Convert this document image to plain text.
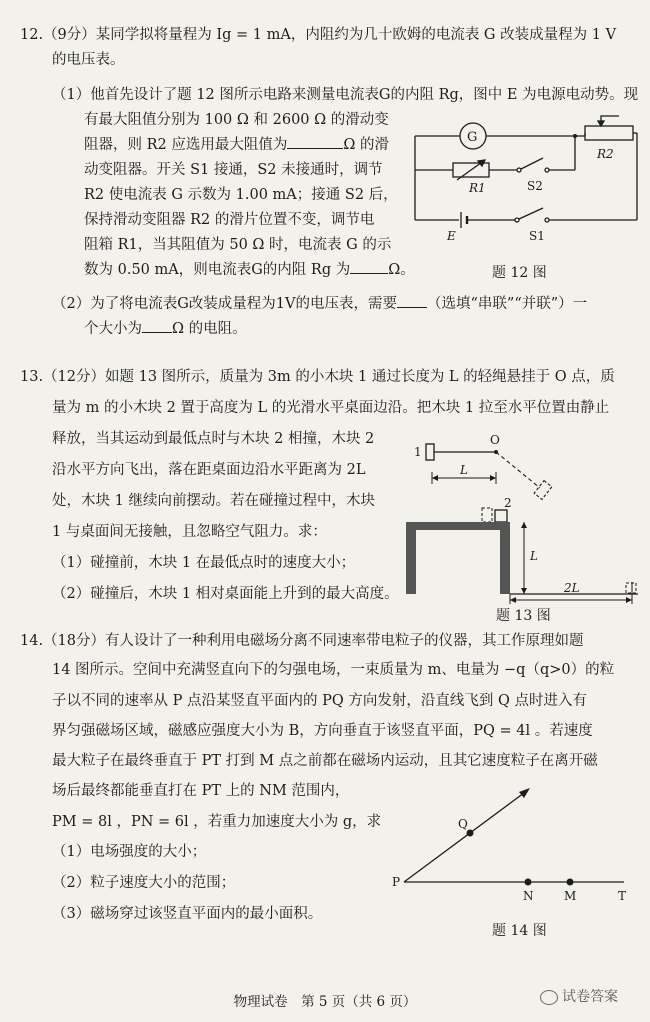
12.（9分）某同学拟将量程为 Ig = 1 mA，内阻约为几十欧姆的电流表 G 改装成量程为 1 V
的电压表。
（1）他首先设计了题 12 图所示电路来测量电流表G的内阻 Rg，图中 E 为电源电动势。现
有最大阻值分别为 100 Ω 和 2600 Ω 的滑动变
阻器，则 R2 应选用最大阻值为	Ω 的滑
动变阻器。开关 S1 接通，S2 未接通时，调节
R2 使电流表 G 示数为 1.00 mA；接通 S2 后，
保持滑动变阻器 R2 的滑片位置不变，调节电
阻箱 R1，当其阻值为 50 Ω 时，电流表 G 的示
数为 0.50 mA，则电流表G的内阻 Rg 为	Ω。
（2）为了将电流表G改装成量程为1V的电压表，需要 （选填“串联”“并联”）一
个大小为 Ω 的电阻。
G
R2
R1	S2
E	S1
题 12 图
13.（12分）如题 13 图所示，质量为 3m 的小木块 1 通过长度为 L 的轻绳悬挂于 O 点，质
量为 m 的小木块 2 置于高度为 L 的光滑水平桌面边沿。把木块 1 拉至水平位置由静止
释放，当其运动到最低点时与木块 2 相撞，木块 2
沿水平方向飞出，落在距桌面边沿水平距离为 2L
处，木块 1 继续向前摆动。若在碰撞过程中，木块
1 与桌面间无接触，且忽略空气阻力。求：
（1）碰撞前，木块 1 在最低点时的速度大小；
（2）碰撞后，木块 1 相对桌面能上升到的最大高度。
1
O
L
2
L
2L
题 13 图
14.（18分）有人设计了一种利用电磁场分离不同速率带电粒子的仪器，其工作原理如题
14 图所示。空间中充满竖直向下的匀强电场，一束质量为 m、电量为 −q（q>0）的粒
子以不同的速率从 P 点沿某竖直平面内的 PQ 方向发射，沿直线飞到 Q 点时进入有
界匀强磁场区域，磁感应强度大小为 B，方向垂直于该竖直平面，PQ = 4l 。若速度
最大粒子在最终垂直于 PT 打到 M 点之前都在磁场内运动，且其它速度粒子在离开磁
场后最终都能垂直打在 PT 上的 NM 范围内，
PM = 8l ，PN = 6l ，若重力加速度大小为 g，求
（1）电场强度的大小；
（2）粒子速度大小的范围；
（3）磁场穿过该竖直平面内的最小面积。
Q
P
N	M	T
题 14 图
物理试卷　第 5 页（共 6 页）	试卷答案
